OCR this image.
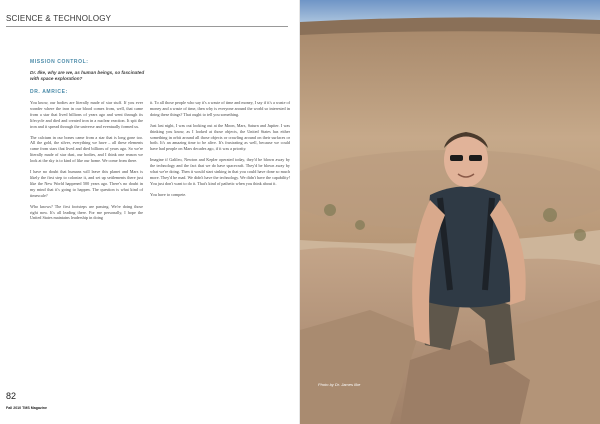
SCIENCE & TECHNOLOGY
MISSION CONTROL:
Dr. Ilke, why are we, as human beings, so fascinated with space exploration?
DR. AMRICE:

You know, our bodies are literally made of star stuff. If you ever wonder where the iron in our blood comes from, well, that came from a star that lived billions of years ago and went through its lifecycle and died and created iron in a nuclear reaction. It spit the iron and it spread through the universe and eventually formed us.

The calcium in our bones came from a star that is long gone too. All the gold, the silver, everything we have – all these elements came from stars that lived and died billions of years ago. So we're literally made of star dust, our bodies, and I think one reason we look at the sky is to kind of like our home. We come from there.

I have no doubt that humans will leave this planet and Mars is likely the first step to colonize it, and set up settlements there just like the New World happened 500 years ago. There's no doubt in my mind that it's going to happen. The question is what kind of timescale?

Who knows? The first footsteps are passing. We're doing those right now. It's all leading there. For me personally, I hope the United States maintains leadership in doing

it. To all those people who say it's a waste of time and money, I say if it's a waste of money and a waste of time, then why is everyone around the world so interested in doing these things? That ought to tell you something.

Just last night, I was out looking out at the Moon, Mars, Saturn and Jupiter. I was thinking you know, as I looked at those objects, the United States has either something in orbit around all those objects or crawling around on their surfaces or both. It's an amazing time to be alive. It's frustrating as well, because we could have had people on Mars decades ago, if it was a priority.

Imagine if Galileo, Newton and Kepler operated today, they'd be blown away by the technology and the fact that we do have spacecraft. They'd be blown away by what we're doing. Then it would start sinking in that you could have done so much more. They'd be mad. We didn't have the technology. We didn't have the capability! You just don't want to do it. That's kind of pathetic when you think about it.

You have to compete.

82
Fall 2010 TMS Magazine
Photo by Dr. James Ilke
